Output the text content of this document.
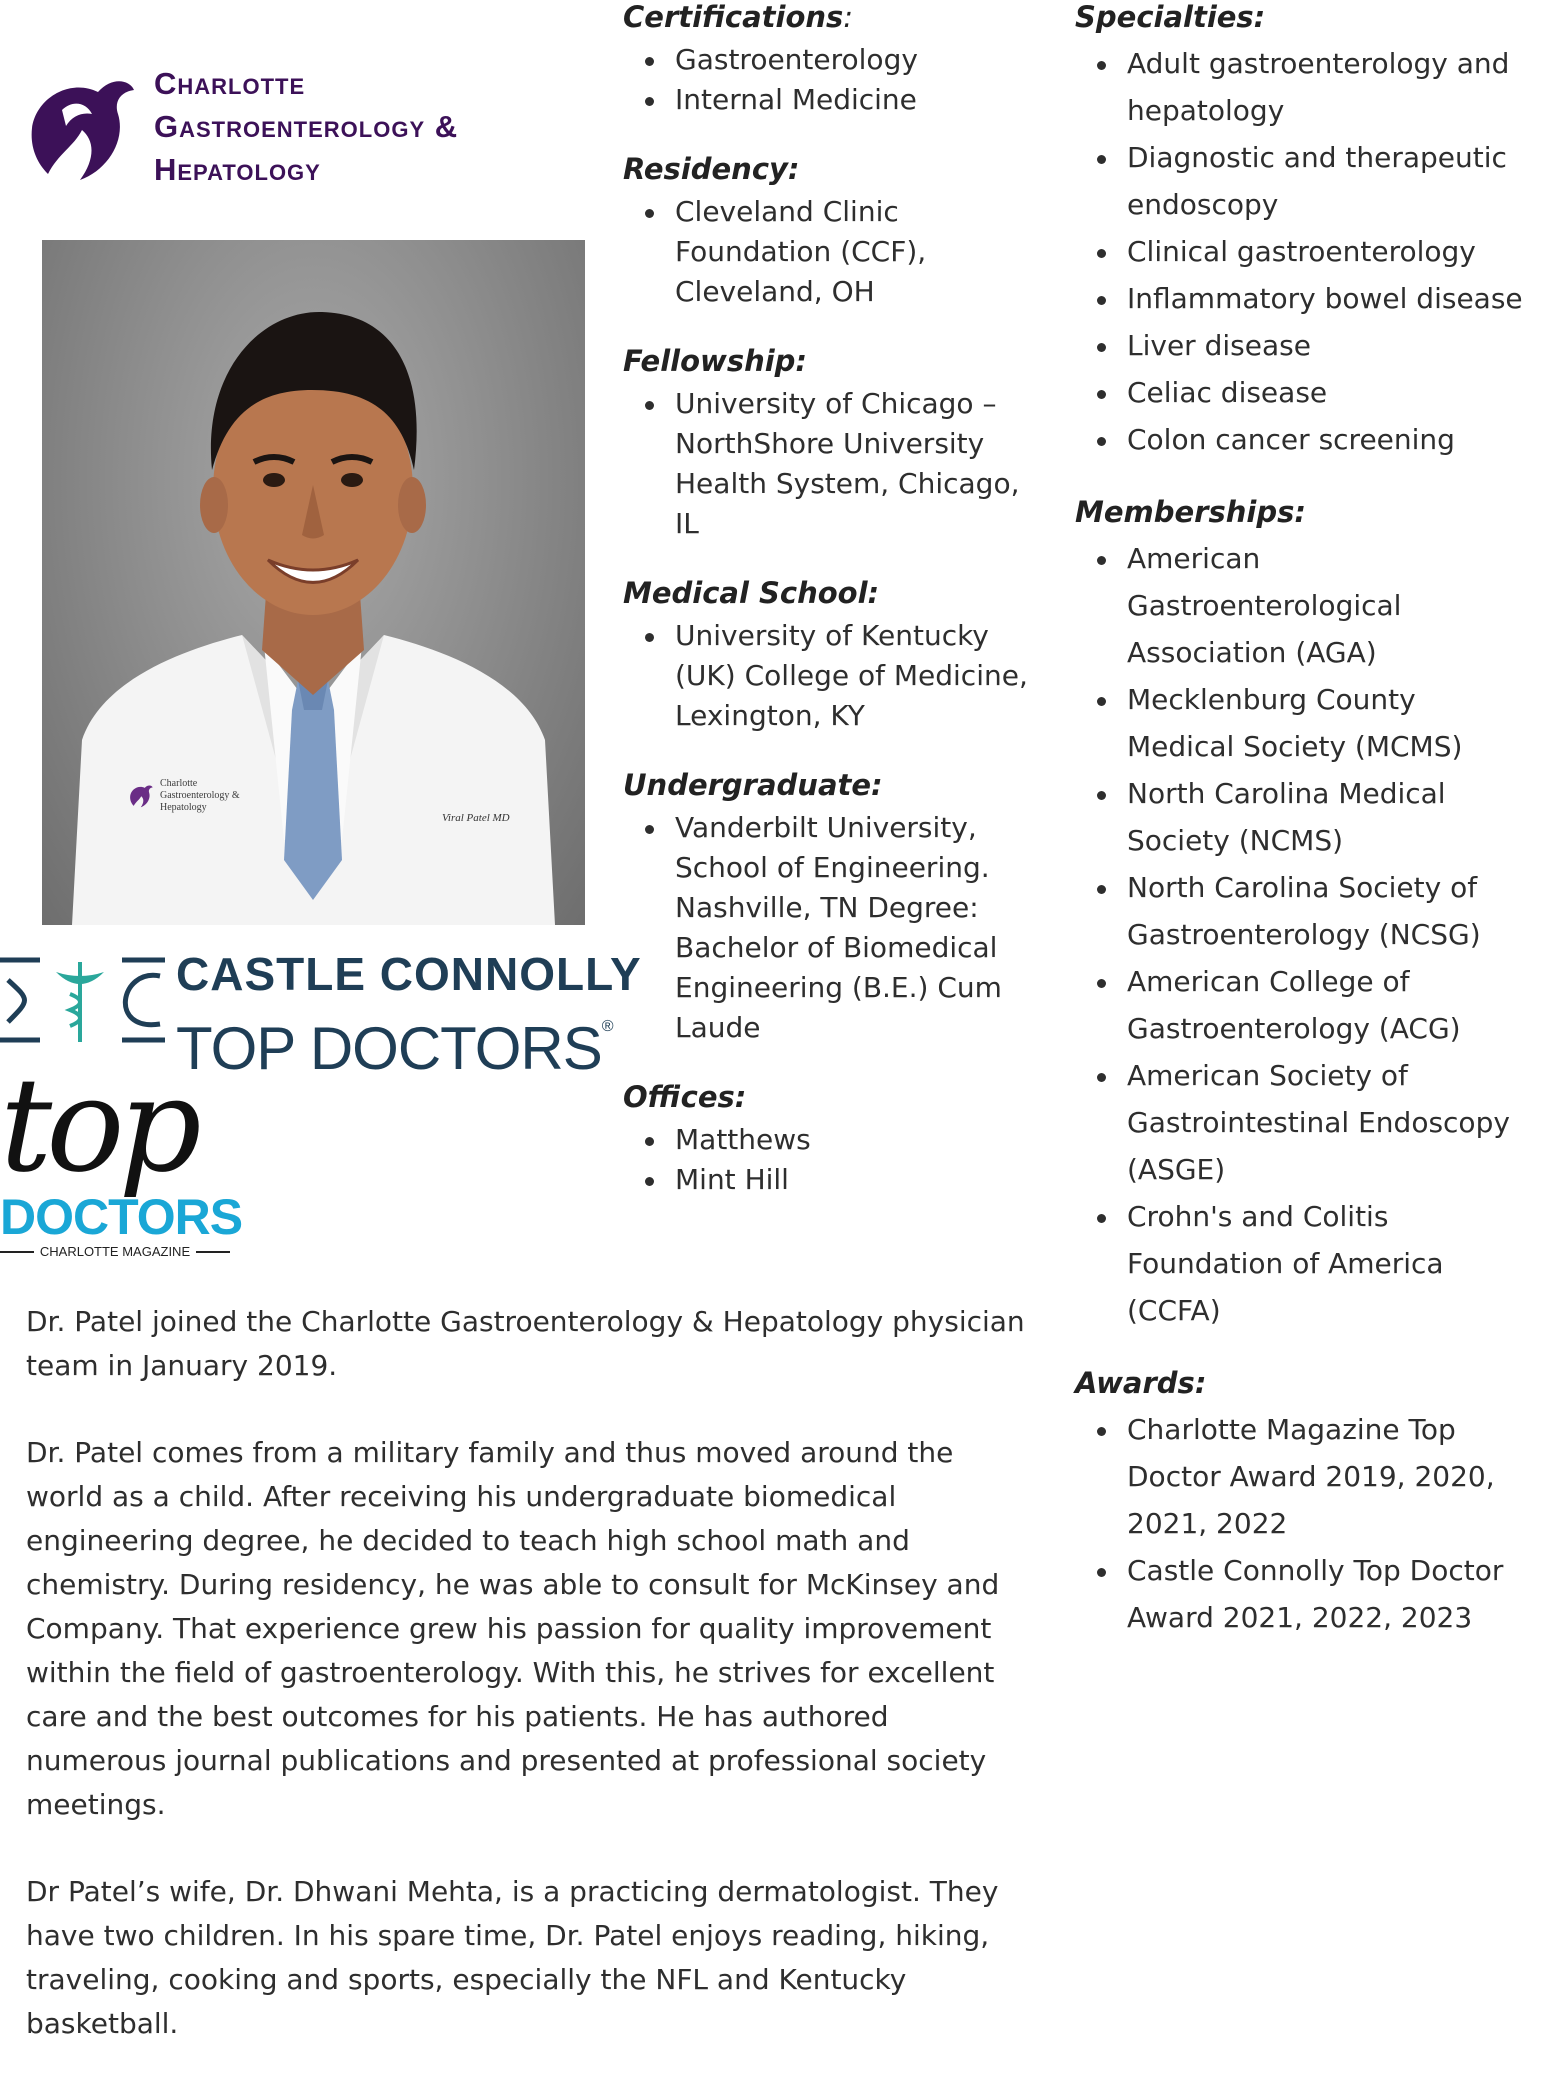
Charlotte
Gastroenterology &
Hepatology
Charlotte
Gastroenterology &
Hepatology
Viral Patel MD
CASTLE CONNOLLY
TOP DOCTORS®
top
DOCTORS
CHARLOTTE MAGAZINE

Certifications:

Gastroenterology
Internal Medicine

Residency:

Cleveland Clinic Foundation (CCF), Cleveland, OH

Fellowship:

University of Chicago – NorthShore University Health System, Chicago, IL

Medical School:

University of Kentucky (UK) College of Medicine, Lexington, KY

Undergraduate:

Vanderbilt University, School of Engineering. Nashville, TN Degree: Bachelor of Biomedical Engineering (B.E.) Cum Laude

Offices:

Matthews
Mint Hill

Specialties:

Adult gastroenterology and hepatology
Diagnostic and therapeutic endoscopy
Clinical gastroenterology
Inflammatory bowel disease
Liver disease
Celiac disease
Colon cancer screening

Memberships:

American Gastroenterological Association (AGA)
Mecklenburg County Medical Society (MCMS)
North Carolina Medical Society (NCMS)
North Carolina Society of Gastroenterology (NCSG)
American College of Gastroenterology (ACG)
American Society of Gastrointestinal Endoscopy (ASGE)
Crohn's and Colitis Foundation of America (CCFA)

Awards:

Charlotte Magazine Top Doctor Award 2019, 2020, 2021, 2022
Castle Connolly Top Doctor Award 2021, 2022, 2023

Dr. Patel joined the Charlotte Gastroenterology & Hepatology physician team in January 2019.

Dr. Patel comes from a military family and thus moved around the world as a child. After receiving his undergraduate biomedical engineering degree, he decided to teach high school math and chemistry. During residency, he was able to consult for McKinsey and Company. That experience grew his passion for quality improvement within the field of gastroenterology. With this, he strives for excellent care and the best outcomes for his patients. He has authored numerous journal publications and presented at professional society meetings.

Dr Patel’s wife, Dr. Dhwani Mehta, is a practicing dermatologist. They have two children. In his spare time, Dr. Patel enjoys reading, hiking, traveling, cooking and sports, especially the NFL and Kentucky basketball.
